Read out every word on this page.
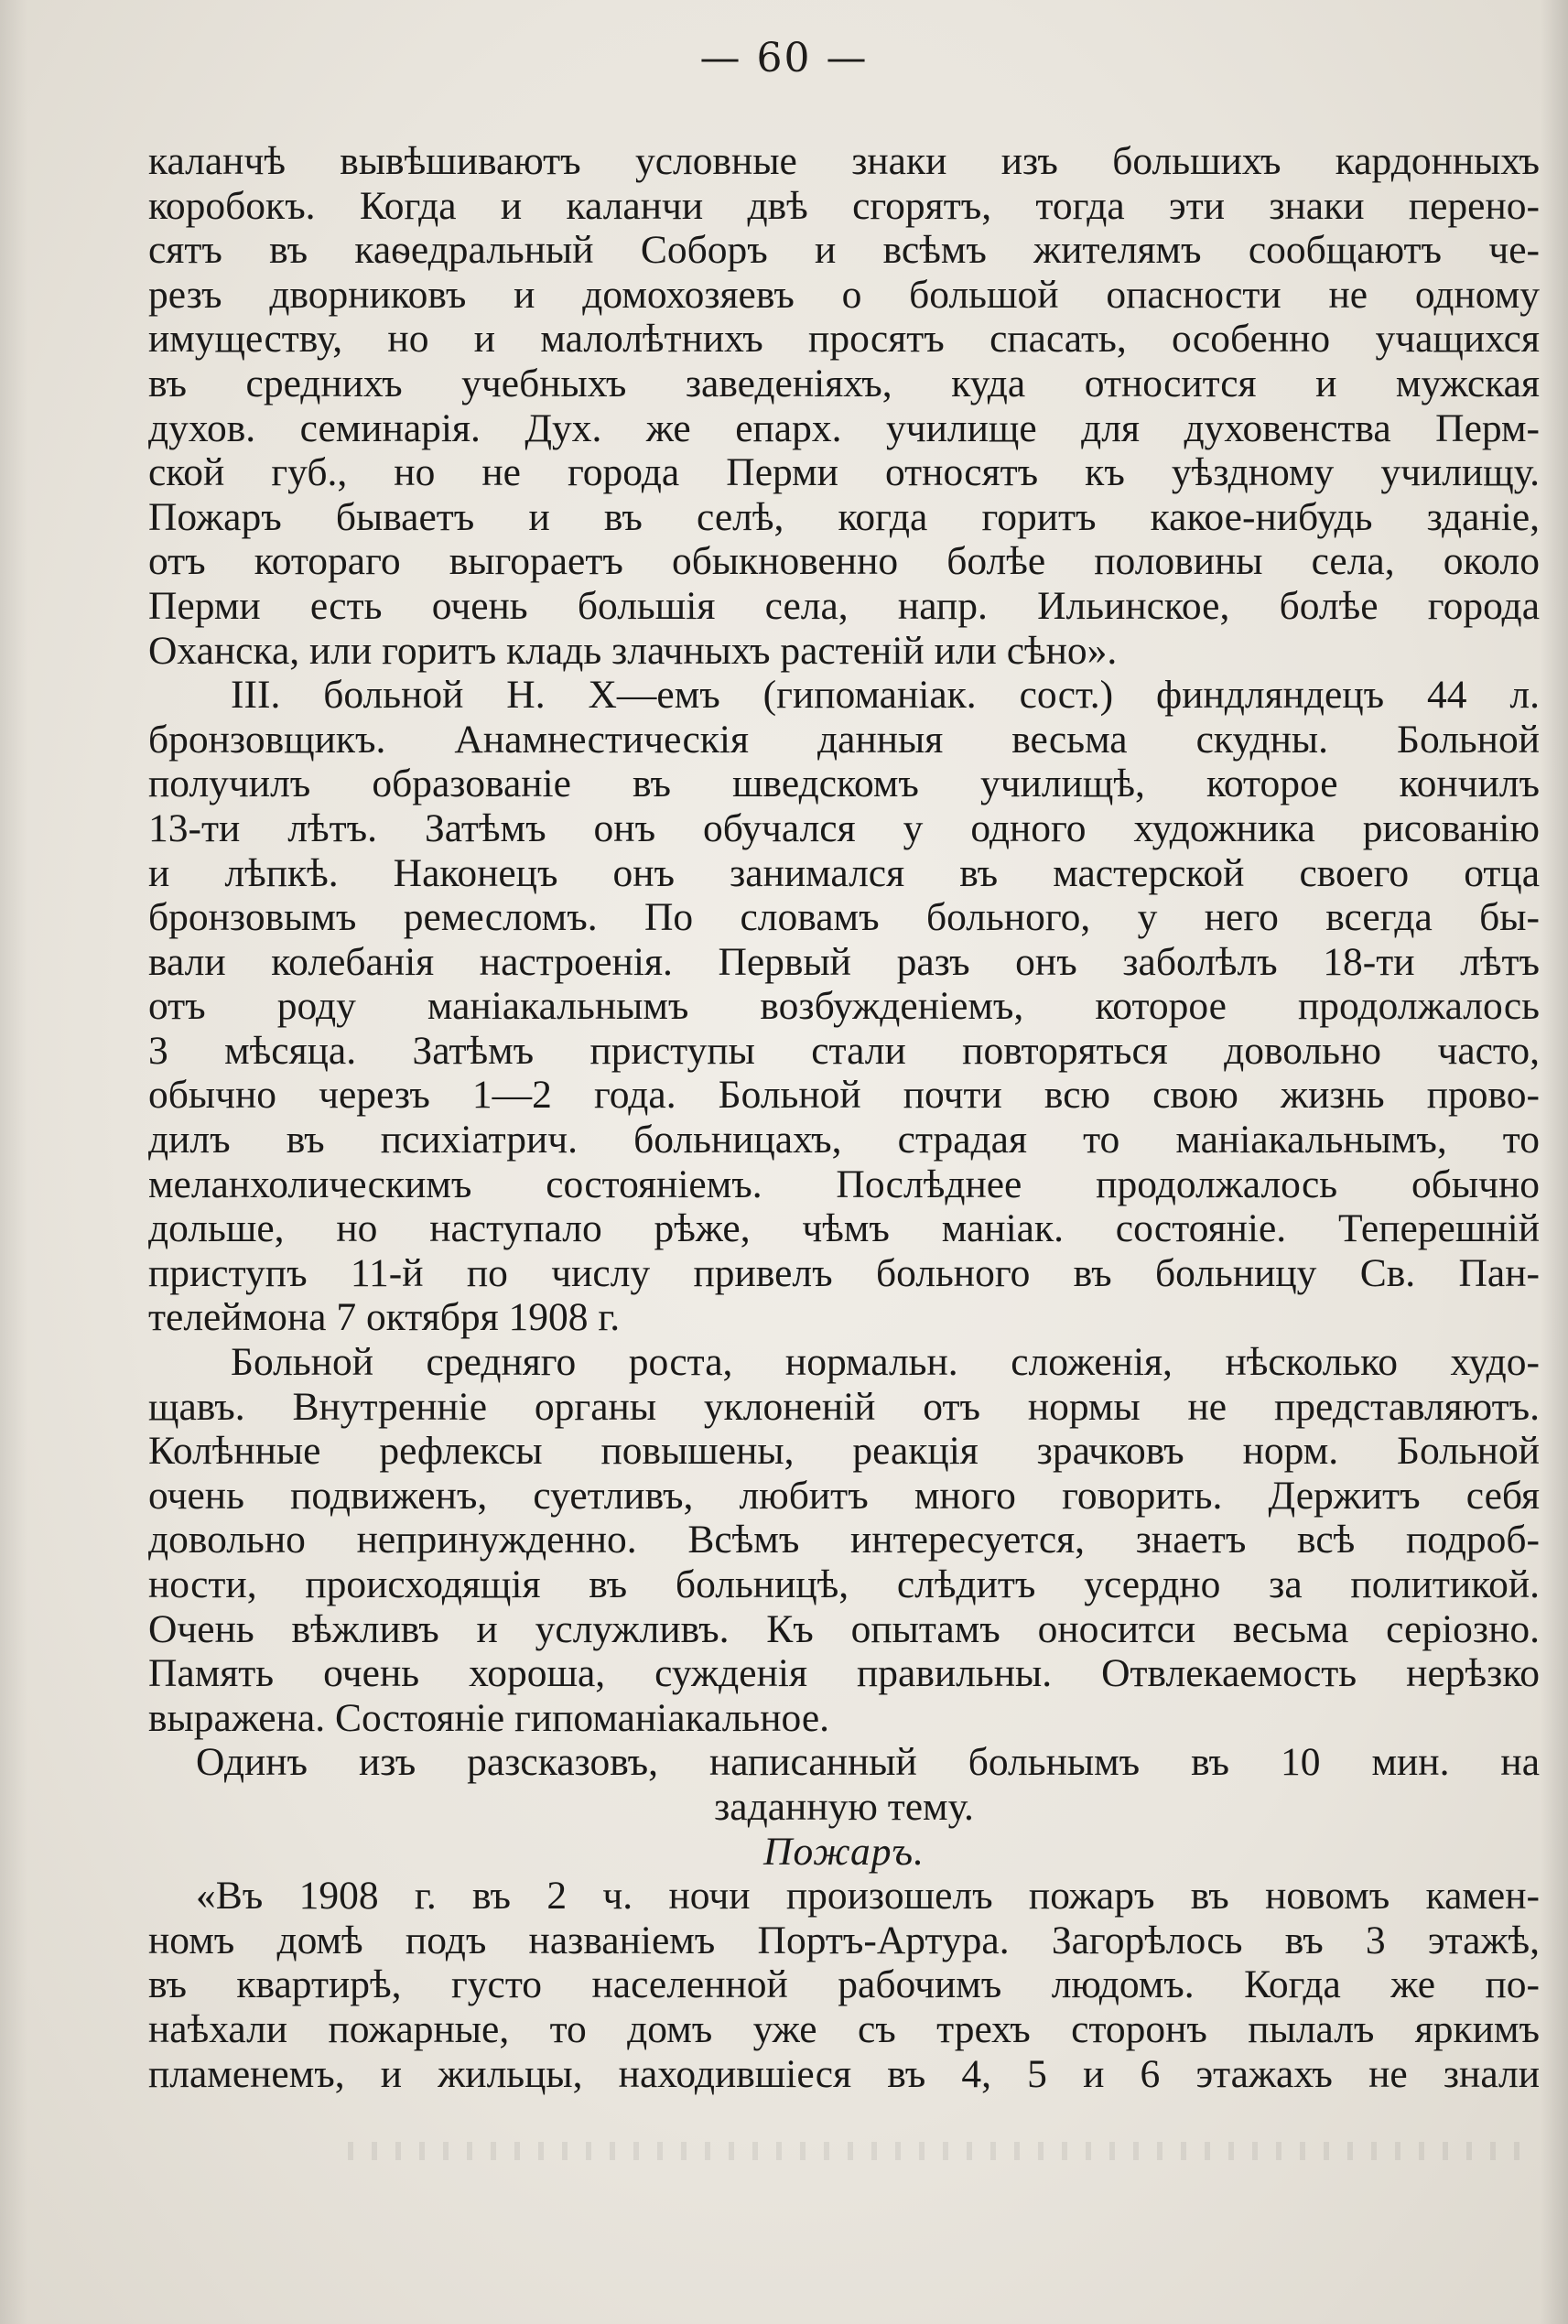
— 60 —
каланчѣ вывѣшиваютъ условные знаки изъ большихъ кардонныхъ
коробокъ. Когда и каланчи двѣ сгорятъ, тогда эти знаки перено-
сятъ въ каѳедральный Соборъ и всѣмъ жителямъ сообщаютъ че-
резъ дворниковъ и домохозяевъ о большой опасности не одному
имуществу, но и малолѣтнихъ просятъ спасать, особенно учащихся
въ среднихъ учебныхъ заведеніяхъ, куда относится и мужская
духов. семинарія. Дух. же епарх. училище для духовенства Перм-
ской губ., но не города Перми относятъ къ уѣздному училищу.
Пожаръ бываетъ и въ селѣ, когда горитъ какое-нибудь зданіе,
отъ котораго выгораетъ обыкновенно болѣе половины села, около
Перми есть очень большія села, напр. Ильинское, болѣе города
Оханска, или горитъ кладь злачныхъ растеній или сѣно».
III. больной Н. Х—емъ (гипоманіак. сост.) финдляндецъ 44 л.
бронзовщикъ. Анамнестическія данныя весьма скудны. Больной
получилъ образованіе въ шведскомъ училищѣ, которое кончилъ
13-ти лѣтъ. Затѣмъ онъ обучался у одного художника рисованію
и лѣпкѣ. Наконецъ онъ занимался въ мастерской своего отца
бронзовымъ ремесломъ. По словамъ больного, у него всегда бы-
вали колебанія настроенія. Первый разъ онъ заболѣлъ 18-ти лѣтъ
отъ роду маніакальнымъ возбужденіемъ, которое продолжалось
3 мѣсяца. Затѣмъ приступы стали повторяться довольно часто,
обычно черезъ 1—2 года. Больной почти всю свою жизнь прово-
дилъ въ психіатрич. больницахъ, страдая то маніакальнымъ, то
меланхолическимъ состояніемъ. Послѣднее продолжалось обычно
дольше, но наступало рѣже, чѣмъ маніак. состояніе. Теперешній
приступъ 11-й по числу привелъ больного въ больницу Св. Пан-
телеймона 7 октября 1908 г.
Больной средняго роста, нормальн. сложенія, нѣсколько худо-
щавъ. Внутренніе органы уклоненій отъ нормы не представляютъ.
Колѣнные рефлексы повышены, реакція зрачковъ норм. Больной
очень подвиженъ, суетливъ, любитъ много говорить. Держитъ себя
довольно непринужденно. Всѣмъ интересуется, знаетъ всѣ подроб-
ности, происходящія въ больницѣ, слѣдитъ усердно за политикой.
Очень вѣжливъ и услужливъ. Къ опытамъ оноситси весьма серіозно.
Память очень хороша, сужденія правильны. Отвлекаемость нерѣзко
выражена. Состояніе гипоманіакальное.
Одинъ изъ разсказовъ, написанный больнымъ въ 10 мин. на
заданную тему.
Пожаръ.
«Въ 1908 г. въ 2 ч. ночи произошелъ пожаръ въ новомъ камен-
номъ домѣ подъ названіемъ Портъ-Артура. Загорѣлось въ 3 этажѣ,
въ квартирѣ, густо населенной рабочимъ людомъ. Когда же по-
наѣхали пожарные, то домъ уже съ трехъ сторонъ пылалъ яркимъ
пламенемъ, и жильцы, находившіеся въ 4, 5 и 6 этажахъ не знали
